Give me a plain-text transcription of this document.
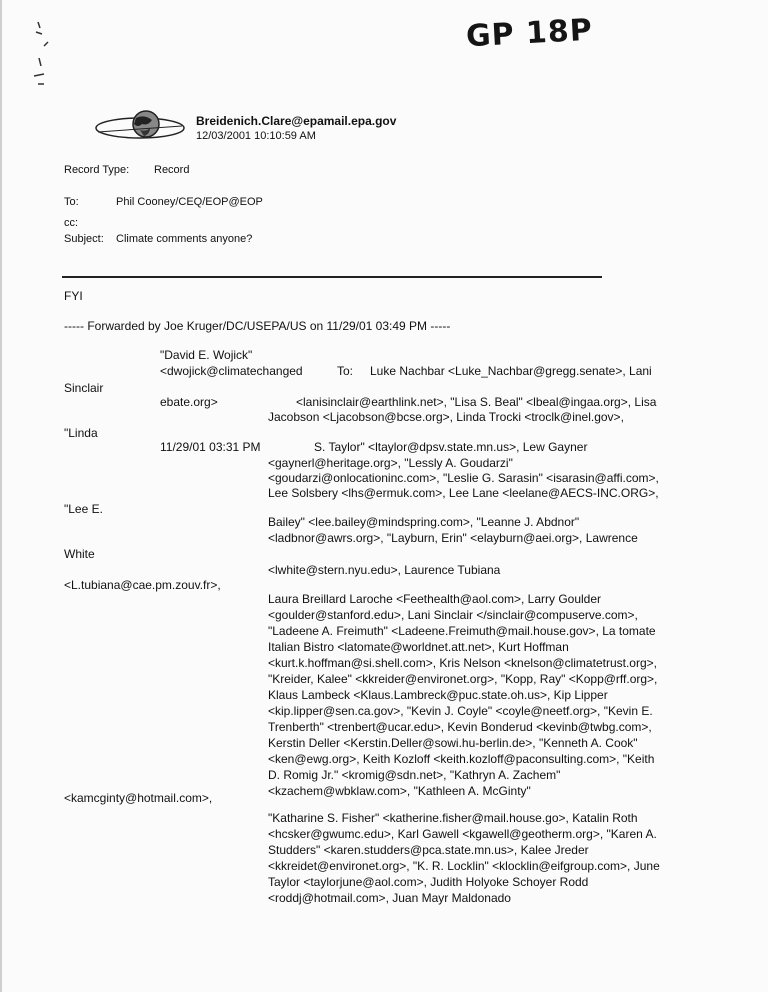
GP 18P
Breidenich.Clare@epamail.epa.gov
12/03/2001 10:10:59 AM
Record Type: Record
To:	Phil Cooney/CEQ/EOP@EOP
cc:
Subject: Climate comments anyone?
FYI
----- Forwarded by Joe Kruger/DC/USEPA/US on 11/29/01 03:49 PM -----
"David E. Wojick"
<dwojick@climatechanged	To: Luke Nachbar <Luke_Nachbar@gregg.senate>, Lani
Sinclair
ebate.org>	<lanisinclair@earthlink.net>, "Lisa S. Beal" <lbeal@ingaa.org>, Lisa
Jacobson <Ljacobson@bcse.org>, Linda Trocki <troclk@inel.gov>,
"Linda
11/29/01 03:31 PM	S. Taylor" <ltaylor@dpsv.state.mn.us>, Lew Gayner
<gaynerl@heritage.org>, "Lessly A. Goudarzi"
<goudarzi@onlocationinc.com>, "Leslie G. Sarasin" <isarasin@affi.com>,
Lee Solsbery <lhs@ermuk.com>, Lee Lane <leelane@AECS-INC.ORG>,
"Lee E.
Bailey" <lee.bailey@mindspring.com>, "Leanne J. Abdnor"
<ladbnor@awrs.org>, "Layburn, Erin" <elayburn@aei.org>, Lawrence
White
<lwhite@stern.nyu.edu>, Laurence Tubiana
<L.tubiana@cae.pm.zouv.fr>,
Laura Breillard Laroche <Feethealth@aol.com>, Larry Goulder
<goulder@stanford.edu>, Lani Sinclair </sinclair@compuserve.com>,
"Ladeene A. Freimuth" <Ladeene.Freimuth@mail.house.gov>, La tomate
Italian Bistro <latomate@worldnet.att.net>, Kurt Hoffman
<kurt.k.hoffman@si.shell.com>, Kris Nelson <knelson@climatetrust.org>,
"Kreider, Kalee" <kkreider@environet.org>, "Kopp, Ray" <Kopp@rff.org>,
Klaus Lambeck <Klaus.Lambreck@puc.state.oh.us>, Kip Lipper
<kip.lipper@sen.ca.gov>, "Kevin J. Coyle" <coyle@neetf.org>, "Kevin E.
Trenberth" <trenbert@ucar.edu>, Kevin Bonderud <kevinb@twbg.com>,
Kerstin Deller <Kerstin.Deller@sowi.hu-berlin.de>, "Kenneth A. Cook"
<ken@ewg.org>, Keith Kozloff <keith.kozloff@paconsulting.com>, "Keith
D. Romig Jr." <kromig@sdn.net>, "Kathryn A. Zachem"
<kzachem@wbklaw.com>, "Kathleen A. McGinty"
<kamcginty@hotmail.com>,
"Katharine S. Fisher" <katherine.fisher@mail.house.go>, Katalin Roth
<hcsker@gwumc.edu>, Karl Gawell <kgawell@geotherm.org>, "Karen A.
Studders" <karen.studders@pca.state.mn.us>, Kalee Jreder
<kkreidet@environet.org>, "K. R. Locklin" <klocklin@eifgroup.com>, June
Taylor <taylorjune@aol.com>, Judith Holyoke Schoyer Rodd
<roddj@hotmail.com>, Juan Mayr Maldonado
